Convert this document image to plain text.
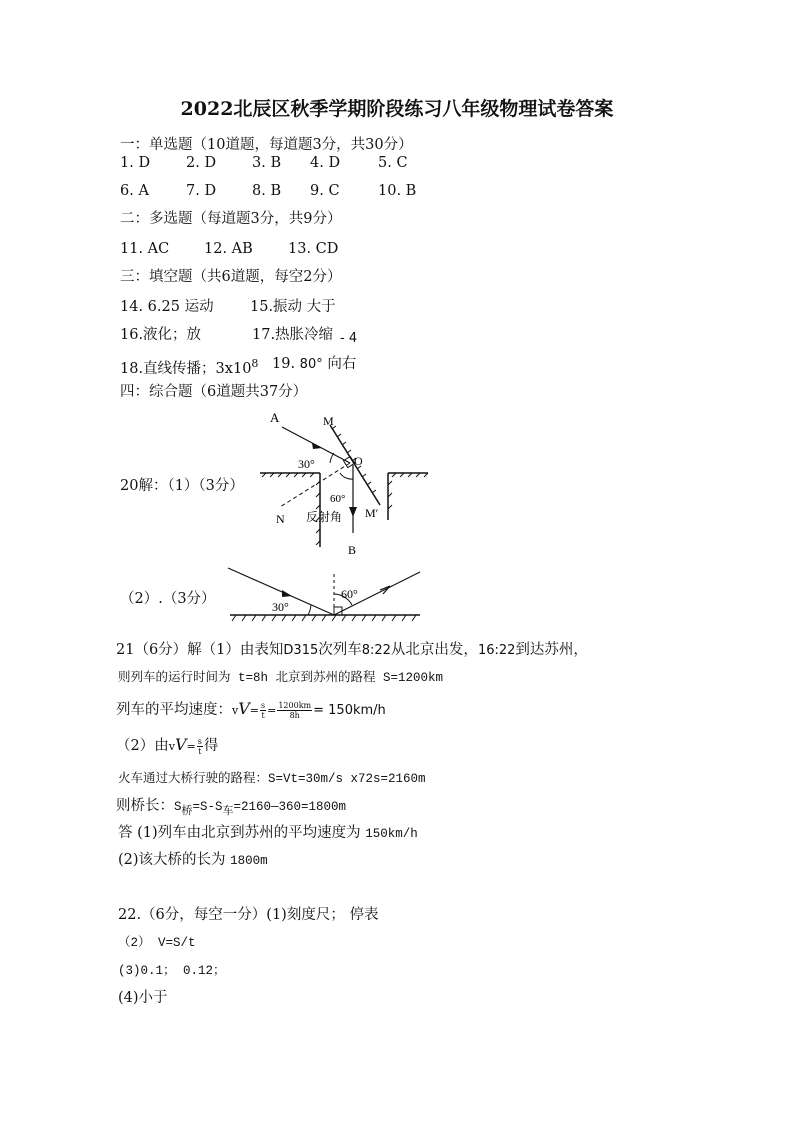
2022北辰区秋季学期阶段练习八年级物理试卷答案
一：单选题（10道题，每道题3分，共30分）
1. D 2. D 3. B 4. D	5. C
6. A	7. D 8. B 9. C	10. B
二：多选题（每道题3分，共9分）
11. AC 12. AB 13. CD
三：填空题（共6道题，每空2分）
14. 6.25 运动	15.振动 大于
16.液化；放	17.热胀冷缩 - 4
18.直线传播；$3x10^8$ 19. 80° 向右
四：综合题（6道题共37分）
A	M
O
30°
60°
N 反射角 M′
B
20解：（1）（3分）
30°
60°
（2）.（3分）
21（6分）解（1）由表知D315次列车8:22从北京出发，16:22到达苏州，
则列车的运行时间为 t=8h 北京到苏州的路程 S=1200km
列车的平均速度：$vV= \frac{s}{t} = \frac{1200km}{8h} = 150km/h$
（2）由$vV= \frac{s}{t}$ 得
火车通过大桥行驶的路程：S=Vt=30m/s x72s=2160m
则桥长：$S_桥=S-S_车=2160—360=1800m$
答 (1)列车由北京到苏州的平均速度为 150km/h
(2)该大桥的长为 1800m
22.（6分，每空一分）(1)刻度尺； 停表
（2） V=S/t
(3)0.1； 0.12；
(4)小于
